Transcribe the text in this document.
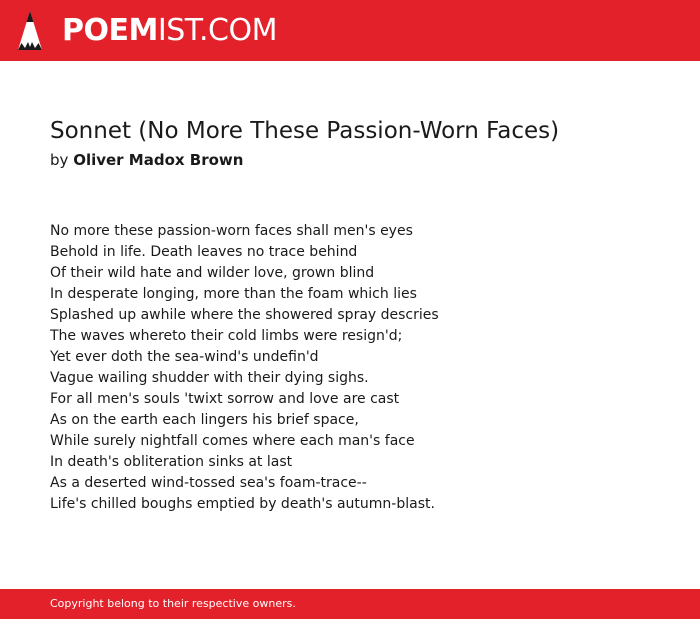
POEMIST.COM
Sonnet (No More These Passion-Worn Faces)
by Oliver Madox Brown
No more these passion-worn faces shall men's eyes
Behold in life. Death leaves no trace behind
Of their wild hate and wilder love, grown blind
In desperate longing, more than the foam which lies
Splashed up awhile where the showered spray descries
The waves whereto their cold limbs were resign'd;
Yet ever doth the sea-wind's undefin'd
Vague wailing shudder with their dying sighs.
For all men's souls 'twixt sorrow and love are cast
As on the earth each lingers his brief space,
While surely nightfall comes where each man's face
In death's obliteration sinks at last
As a deserted wind-tossed sea's foam-trace--
Life's chilled boughs emptied by death's autumn-blast.
Copyright belong to their respective owners.
